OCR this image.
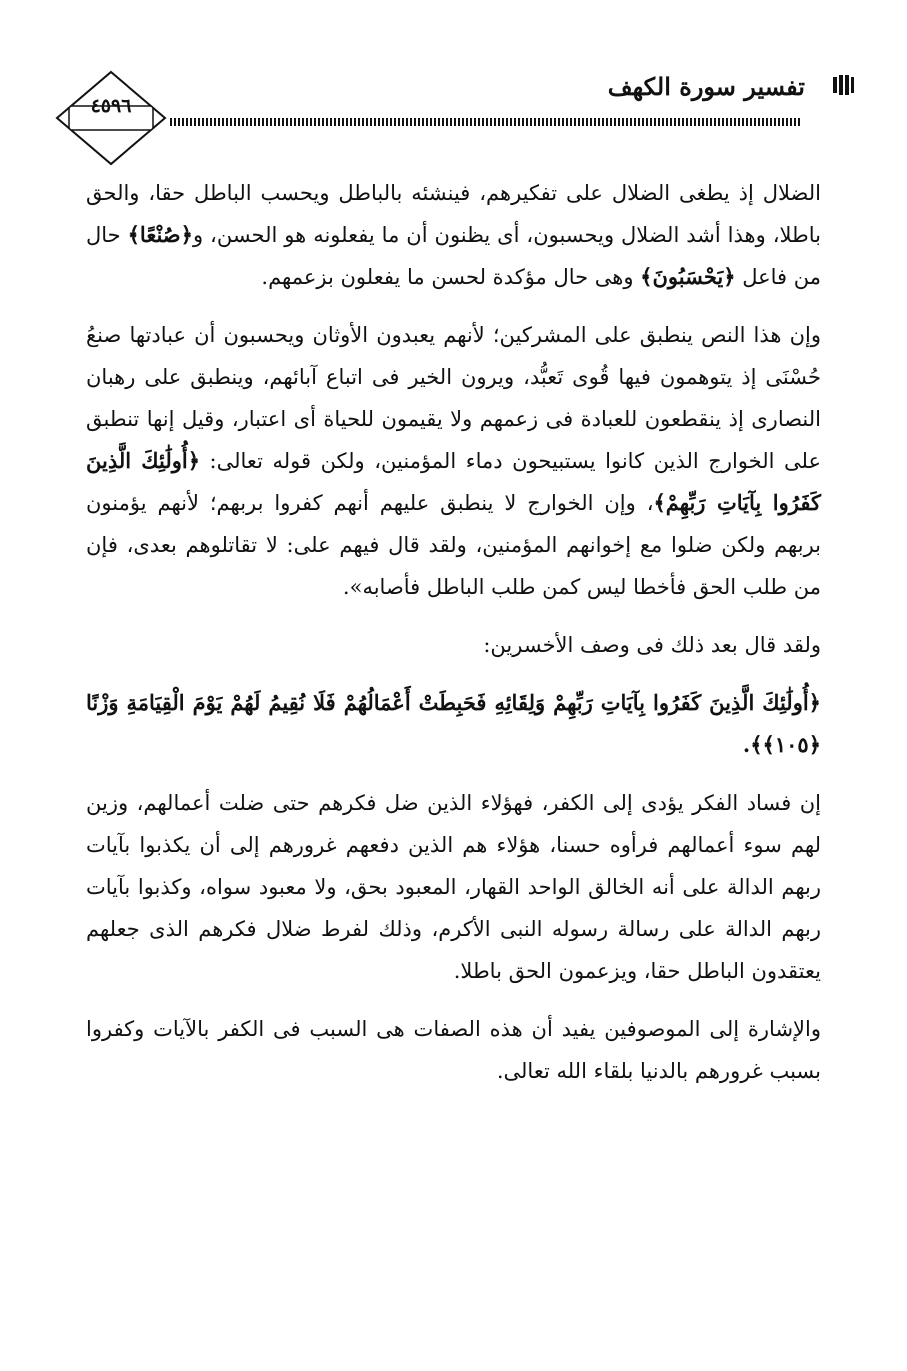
تفسير سورة الكهف
٤٥٩٦

الضلال إذ يطغى الضلال على تفكيرهم، فينشئه بالباطل ويحسب الباطل حقا، والحق باطلا، وهذا أشد الضلال ويحسبون، أى يظنون أن ما يفعلونه هو الحسن، و﴿صُنْعًا﴾ حال من فاعل ﴿يَحْسَبُونَ﴾ وهى حال مؤكدة لحسن ما يفعلون بزعمهم.

وإن هذا النص ينطبق على المشركين؛ لأنهم يعبدون الأوثان ويحسبون أن عبادتها صنعُ حُسْنَى إذ يتوهمون فيها قُوى تَعبُّد، ويرون الخير فى اتباع آبائهم، وينطبق على رهبان النصارى إذ ينقطعون للعبادة فى زعمهم ولا يقيمون للحياة أى اعتبار، وقيل إنها تنطبق على الخوارج الذين كانوا يستبيحون دماء المؤمنين، ولكن قوله تعالى: ﴿أُولَٰئِكَ الَّذِينَ كَفَرُوا بِآيَاتِ رَبِّهِمْ﴾، وإن الخوارج لا ينطبق عليهم أنهم كفروا بربهم؛ لأنهم يؤمنون بربهم ولكن ضلوا مع إخوانهم المؤمنين، ولقد قال فيهم على: لا تقاتلوهم بعدى، فإن من طلب الحق فأخطا ليس كمن طلب الباطل فأصابه».

ولقد قال بعد ذلك فى وصف الأخسرين:

﴿أُولَٰئِكَ الَّذِينَ كَفَرُوا بِآيَاتِ رَبِّهِمْ وَلِقَائِهِ فَحَبِطَتْ أَعْمَالُهُمْ فَلَا نُقِيمُ لَهُمْ يَوْمَ الْقِيَامَةِ وَزْنًا ﴿١٠٥﴾﴾.

إن فساد الفكر يؤدى إلى الكفر، فهؤلاء الذين ضل فكرهم حتى ضلت أعمالهم، وزين لهم سوء أعمالهم فرأوه حسنا، هؤلاء هم الذين دفعهم غرورهم إلى أن يكذبوا بآيات ربهم الدالة على أنه الخالق الواحد القهار، المعبود بحق، ولا معبود سواه، وكذبوا بآيات ربهم الدالة على رسالة رسوله النبى الأكرم، وذلك لفرط ضلال فكرهم الذى جعلهم يعتقدون الباطل حقا، ويزعمون الحق باطلا.

والإشارة إلى الموصوفين يفيد أن هذه الصفات هى السبب فى الكفر بالآيات وكفروا بسبب غرورهم بالدنيا بلقاء الله تعالى.
